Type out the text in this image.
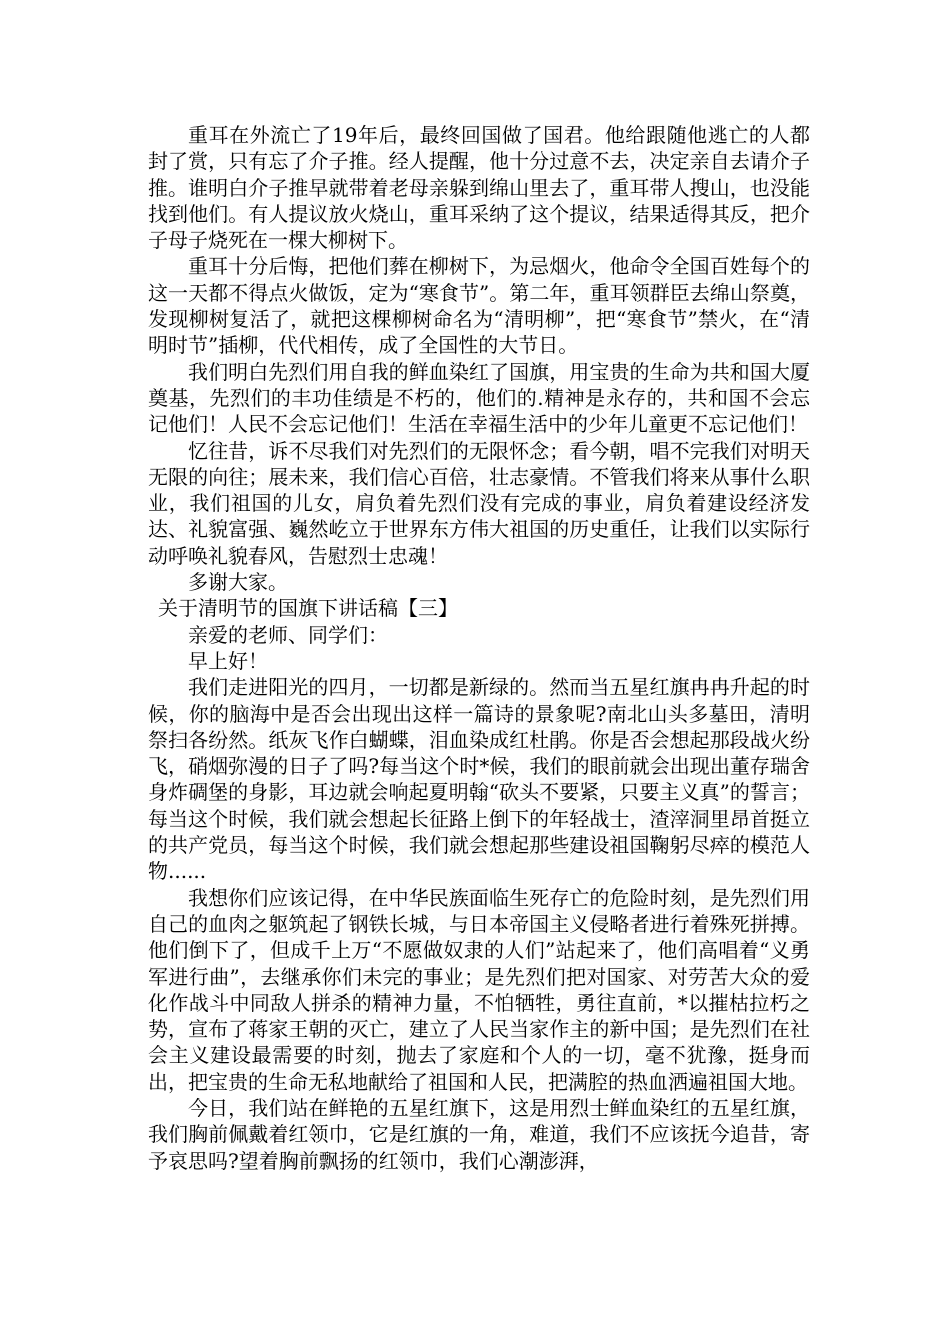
重耳在外流亡了19年后，最终回国做了国君。他给跟随他逃亡的人都封了赏，只有忘了介子推。经人提醒，他十分过意不去，决定亲自去请介子推。谁明白介子推早就带着老母亲躲到绵山里去了，重耳带人搜山，也没能找到他们。有人提议放火烧山，重耳采纳了这个提议，结果适得其反，把介子母子烧死在一棵大柳树下。

重耳十分后悔，把他们葬在柳树下，为忌烟火，他命令全国百姓每个的这一天都不得点火做饭，定为“寒食节”。第二年，重耳领群臣去绵山祭奠，发现柳树复活了，就把这棵柳树命名为“清明柳”，把“寒食节”禁火，在“清明时节”插柳，代代相传，成了全国性的大节日。

我们明白先烈们用自我的鲜血染红了国旗，用宝贵的生命为共和国大厦奠基，先烈们的丰功佳绩是不朽的，他们的.精神是永存的，共和国不会忘记他们！人民不会忘记他们！生活在幸福生活中的少年儿童更不忘记他们！

忆往昔，诉不尽我们对先烈们的无限怀念；看今朝，唱不完我们对明天无限的向往；展未来，我们信心百倍，壮志豪情。不管我们将来从事什么职业，我们祖国的儿女，肩负着先烈们没有完成的事业，肩负着建设经济发达、礼貌富强、巍然屹立于世界东方伟大祖国的历史重任，让我们以实际行动呼唤礼貌春风，告慰烈士忠魂！

多谢大家。

关于清明节的国旗下讲话稿【三】

亲爱的老师、同学们：

早上好！

我们走进阳光的四月，一切都是新绿的。然而当五星红旗冉冉升起的时候，你的脑海中是否会出现出这样一篇诗的景象呢?南北山头多墓田，清明祭扫各纷然。纸灰飞作白蝴蝶，泪血染成红杜鹃。你是否会想起那段战火纷飞，硝烟弥漫的日子了吗?每当这个时*候，我们的眼前就会出现出董存瑞舍身炸碉堡的身影，耳边就会响起夏明翰“砍头不要紧，只要主义真”的誓言；每当这个时候，我们就会想起长征路上倒下的年轻战士，渣滓洞里昂首挺立的共产党员，每当这个时候，我们就会想起那些建设祖国鞠躬尽瘁的模范人物......

我想你们应该记得，在中华民族面临生死存亡的危险时刻，是先烈们用自己的血肉之躯筑起了钢铁长城，与日本帝国主义侵略者进行着殊死拼搏。他们倒下了，但成千上万“不愿做奴隶的人们”站起来了，他们高唱着“义勇军进行曲”，去继承你们未完的事业；是先烈们把对国家、对劳苦大众的爱化作战斗中同敌人拼杀的精神力量，不怕牺牲，勇往直前，*以摧枯拉朽之势，宣布了蒋家王朝的灭亡，建立了人民当家作主的新中国；是先烈们在社会主义建设最需要的时刻，抛去了家庭和个人的一切，毫不犹豫，挺身而出，把宝贵的生命无私地献给了祖国和人民，把满腔的热血洒遍祖国大地。

今日，我们站在鲜艳的五星红旗下，这是用烈士鲜血染红的五星红旗，我们胸前佩戴着红领巾，它是红旗的一角，难道，我们不应该抚今追昔，寄予哀思吗?望着胸前飘扬的红领巾，我们心潮澎湃，
